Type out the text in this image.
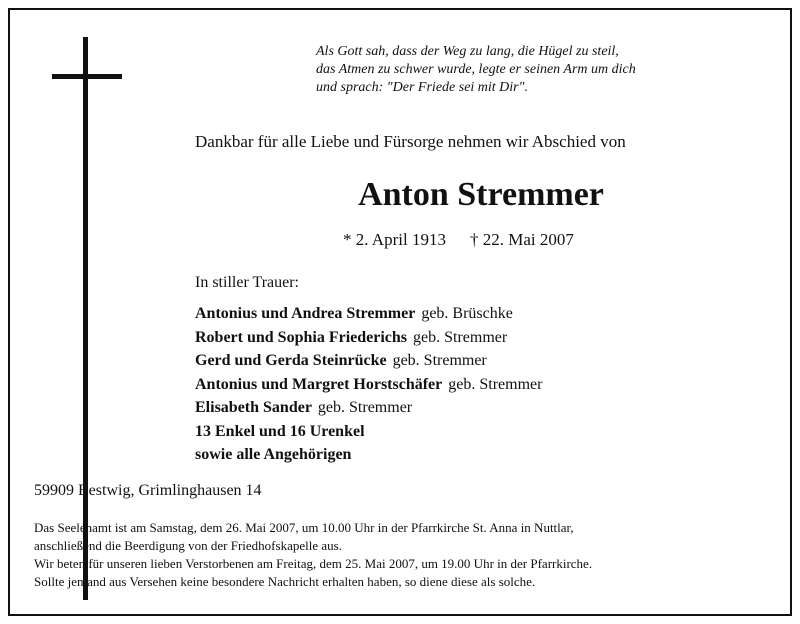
Als Gott sah, dass der Weg zu lang, die Hügel zu steil,
das Atmen zu schwer wurde, legte er seinen Arm um dich
und sprach: "Der Friede sei mit Dir".
Dankbar für alle Liebe und Fürsorge nehmen wir Abschied von
Anton Stremmer
* 2. April 1913 † 22. Mai 2007
In stiller Trauer:
Antonius und Andrea Stremmer geb. Brüschke
Robert und Sophia Friederichs geb. Stremmer
Gerd und Gerda Steinrücke geb. Stremmer
Antonius und Margret Horstschäfer geb. Stremmer
Elisabeth Sander geb. Stremmer
13 Enkel und 16 Urenkel
sowie alle Angehörigen
59909 Bestwig, Grimlinghausen 14
Das Seelenamt ist am Samstag, dem 26. Mai 2007, um 10.00 Uhr in der Pfarrkirche St. Anna in Nuttlar,
anschließend die Beerdigung von der Friedhofskapelle aus.
Wir beten für unseren lieben Verstorbenen am Freitag, dem 25. Mai 2007, um 19.00 Uhr in der Pfarrkirche.
Sollte jemand aus Versehen keine besondere Nachricht erhalten haben, so diene diese als solche.
